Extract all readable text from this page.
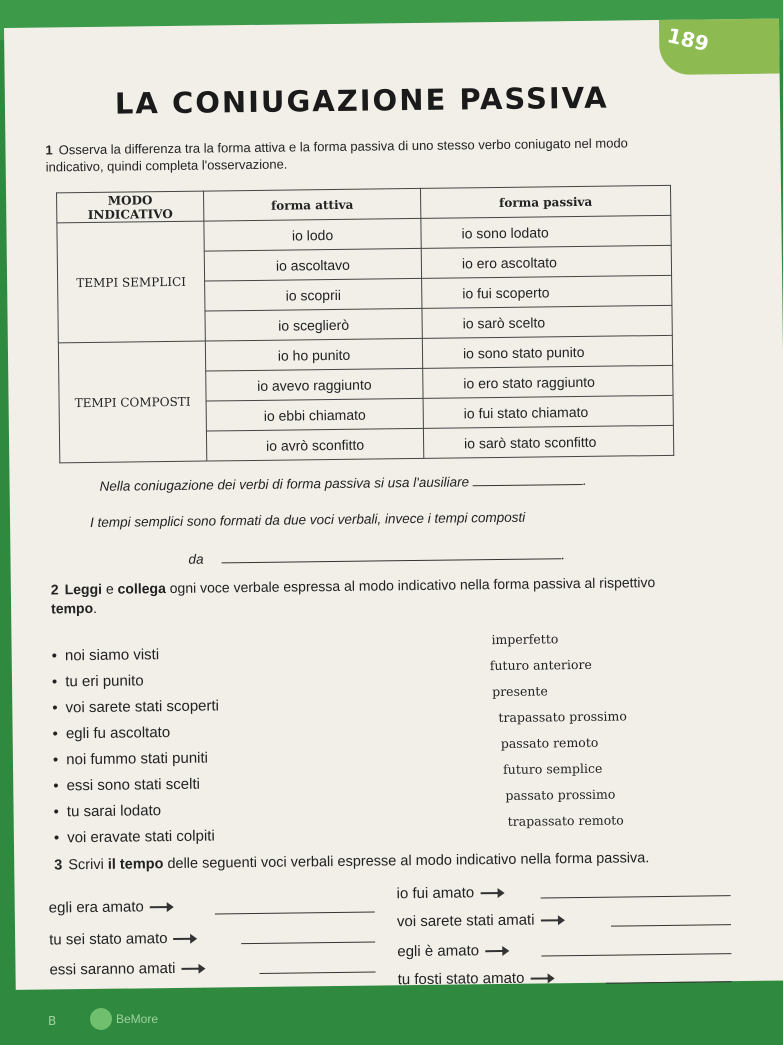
189
LA CONIUGAZIONE PASSIVA
1 Osserva la differenza tra la forma attiva e la forma passiva di uno stesso verbo coniugato nel modo indicativo, quindi completa l'osservazione.
MODO INDICATIVO	forma attiva	forma passiva
TEMPI SEMPLICI	io lodo	io sono lodato
	io ascoltavo	io ero ascoltato
	io scoprii	io fui scoperto
	io sceglierò	io sarò scelto
TEMPI COMPOSTI	io ho punito	io sono stato punito
	io avevo raggiunto	io ero stato raggiunto
	io ebbi chiamato	io fui stato chiamato
	io avrò sconfitto	io sarò stato sconfitto
Nella coniugazione dei verbi di forma passiva si usa l'ausiliare	.
I tempi semplici sono formati da due voci verbali, invece i tempi composti
da	.
2 Leggi e collega ogni voce verbale espressa al modo indicativo nella forma passiva al rispettivo tempo.
• noi siamo visti
• tu eri punito
• voi sarete stati scoperti
• egli fu ascoltato
• noi fummo stati puniti
• essi sono stati scelti
• tu sarai lodato
• voi eravate stati colpiti
imperfetto
futuro anteriore
presente
trapassato prossimo
passato remoto
futuro semplice
passato prossimo
trapassato remoto
3 Scrivi il tempo delle seguenti voci verbali espresse al modo indicativo nella forma passiva.
egli era amato
io fui amato
tu sei stato amato
voi sarete stati amati
essi saranno amati
egli è amato
tu fosti stato amato
B	BeMore
